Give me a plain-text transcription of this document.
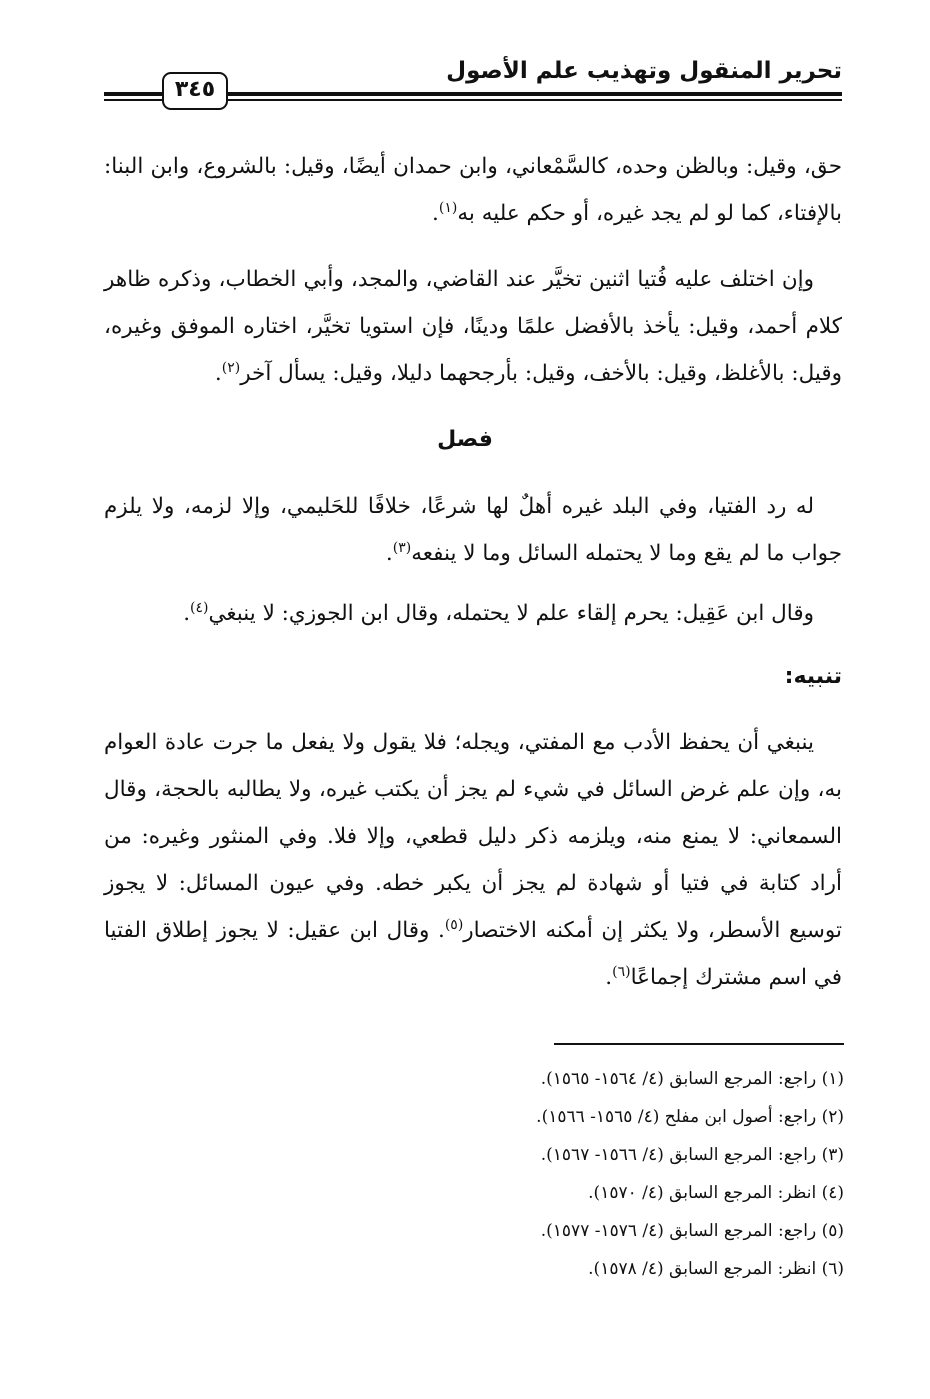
تحرير المنقول وتهذيب علم الأصول
٣٤٥

حق، وقيل: وبالظن وحده، كالسَّمْعاني، وابن حمدان أيضًا، وقيل: بالشروع، وابن البنا: بالإفتاء، كما لو لم يجد غيره، أو حكم عليه به$^{(١)}$.

وإن اختلف عليه فُتيا اثنين تخيَّر عند القاضي، والمجد، وأبي الخطاب، وذكره ظاهر كلام أحمد، وقيل: يأخذ بالأفضل علمًا ودينًا، فإن استويا تخيَّر، اختاره الموفق وغيره، وقيل: بالأغلظ، وقيل: بالأخف، وقيل: بأرجحهما دليلا، وقيل: يسأل آخر$^{(٢)}$.

فصل

له رد الفتيا، وفي البلد غيره أهلٌ لها شرعًا، خلافًا للحَليمي، وإلا لزمه، ولا يلزم جواب ما لم يقع وما لا يحتمله السائل وما لا ينفعه$^{(٣)}$.

وقال ابن عَقِيل: يحرم إلقاء علم لا يحتمله، وقال ابن الجوزي: لا ينبغي$^{(٤)}$.

تنبيه:

ينبغي أن يحفظ الأدب مع المفتي، ويجله؛ فلا يقول ولا يفعل ما جرت عادة العوام به، وإن علم غرض السائل في شيء لم يجز أن يكتب غيره، ولا يطالبه بالحجة، وقال السمعاني: لا يمنع منه، ويلزمه ذكر دليل قطعي، وإلا فلا. وفي المنثور وغيره: من أراد كتابة في فتيا أو شهادة لم يجز أن يكبر خطه. وفي عيون المسائل: لا يجوز توسيع الأسطر، ولا يكثر إن أمكنه الاختصار$^{(٥)}$. وقال ابن عقيل: لا يجوز إطلاق الفتيا في اسم مشترك إجماعًا$^{(٦)}$.

(١) راجع: المرجع السابق (٤/ ١٥٦٤- ١٥٦٥).
(٢) راجع: أصول ابن مفلح (٤/ ١٥٦٥- ١٥٦٦).
(٣) راجع: المرجع السابق (٤/ ١٥٦٦- ١٥٦٧).
(٤) انظر: المرجع السابق (٤/ ١٥٧٠).
(٥) راجع: المرجع السابق (٤/ ١٥٧٦- ١٥٧٧).
(٦) انظر: المرجع السابق (٤/ ١٥٧٨).
